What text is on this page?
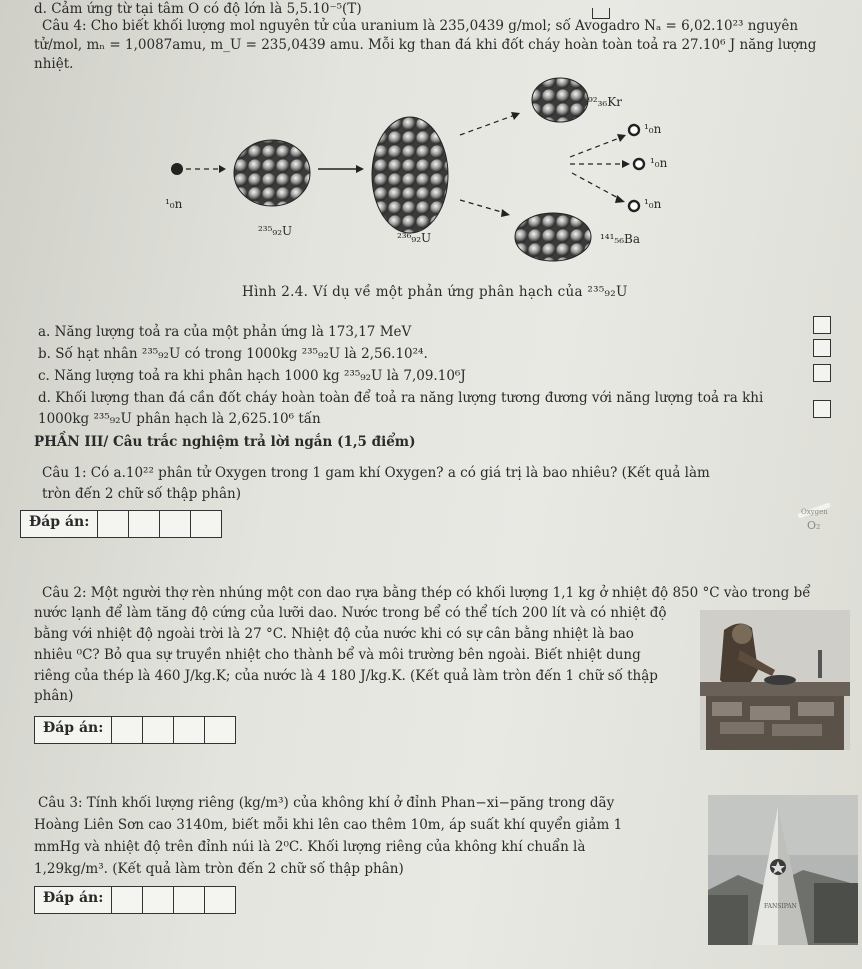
d. Cảm ứng từ tại tâm O có độ lớn là 5,5.10⁻⁵(T)
Câu 4: Cho biết khối lượng mol nguyên tử của uranium là 235,0439 g/mol; số Avogadro Nₐ = 6,02.10²³ nguyên
tử/mol, mₙ = 1,0087amu, m_U = 235,0439 amu. Mỗi kg than đá khi đốt cháy hoàn toàn toả ra 27.10⁶ J năng lượng
nhiệt.
¹₀n
²³⁵₉₂U	²³⁶₉₂U
⁹²₃₆Kr
¹₀n
¹₀n
¹₀n
¹⁴¹₅₆Ba
Hình 2.4. Ví dụ về một phản ứng phân hạch của ²³⁵₉₂U
a. Năng lượng toả ra của một phản ứng là 173,17 MeV
b. Số hạt nhân ²³⁵₉₂U có trong 1000kg ²³⁵₉₂U là 2,56.10²⁴.
c. Năng lượng toả ra khi phân hạch 1000 kg ²³⁵₉₂U là 7,09.10⁶J
d. Khối lượng than đá cần đốt cháy hoàn toàn để toả ra năng lượng tương đương với năng lượng toả ra khi
1000kg ²³⁵₉₂U phân hạch là 2,625.10⁶ tấn
PHẦN III/ Câu trắc nghiệm trả lời ngắn (1,5 điểm)
Câu 1: Có a.10²² phân tử Oxygen trong 1 gam khí Oxygen? a có giá trị là bao nhiêu? (Kết quả làm
tròn đến 2 chữ số thập phân)
Đáp án:
Oxygen
O₂
Câu 2: Một người thợ rèn nhúng một con dao rựa bằng thép có khối lượng 1,1 kg ở nhiệt độ 850 °C vào trong bể
nước lạnh để làm tăng độ cứng của lưỡi dao. Nước trong bể có thể tích 200 lít và có nhiệt độ
bằng với nhiệt độ ngoài trời là 27 °C. Nhiệt độ của nước khi có sự cân bằng nhiệt là bao
nhiêu ⁰C? Bỏ qua sự truyền nhiệt cho thành bể và môi trường bên ngoài. Biết nhiệt dung
riêng của thép là 460 J/kg.K; của nước là 4 180 J/kg.K. (Kết quả làm tròn đến 1 chữ số thập
phân)
Đáp án:
Câu 3: Tính khối lượng riêng (kg/m³) của không khí ở đỉnh Phan−xi−păng trong dãy
Hoàng Liên Sơn cao 3140m, biết mỗi khi lên cao thêm 10m, áp suất khí quyển giảm 1
mmHg và nhiệt độ trên đỉnh núi là 2⁰C. Khối lượng riêng của không khí chuẩn là
1,29kg/m³. (Kết quả làm tròn đến 2 chữ số thập phân)
Đáp án:
FANSIPAN
